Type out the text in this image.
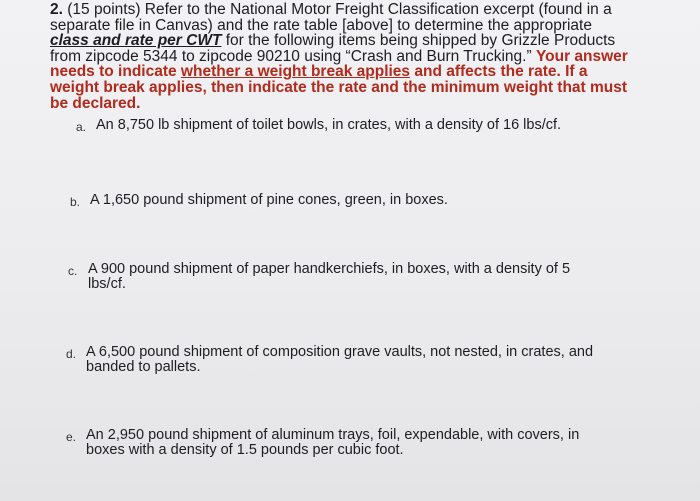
2. (15 points) Refer to the National Motor Freight Classification excerpt (found in a separate file in Canvas) and the rate table [above] to determine the appropriate class and rate per CWT for the following items being shipped by Grizzle Products from zipcode 5344 to zipcode 90210 using “Crash and Burn Trucking.” Your answer needs to indicate whether a weight break applies and affects the rate. If a weight break applies, then indicate the rate and the minimum weight that must be declared.
a. An 8,750 lb shipment of toilet bowls, in crates, with a density of 16 lbs/cf.
b. A 1,650 pound shipment of pine cones, green, in boxes.
c. A 900 pound shipment of paper handkerchiefs, in boxes, with a density of 5 lbs/cf.
d. A 6,500 pound shipment of composition grave vaults, not nested, in crates, and banded to pallets.
e. An 2,950 pound shipment of aluminum trays, foil, expendable, with covers, in boxes with a density of 1.5 pounds per cubic foot.
